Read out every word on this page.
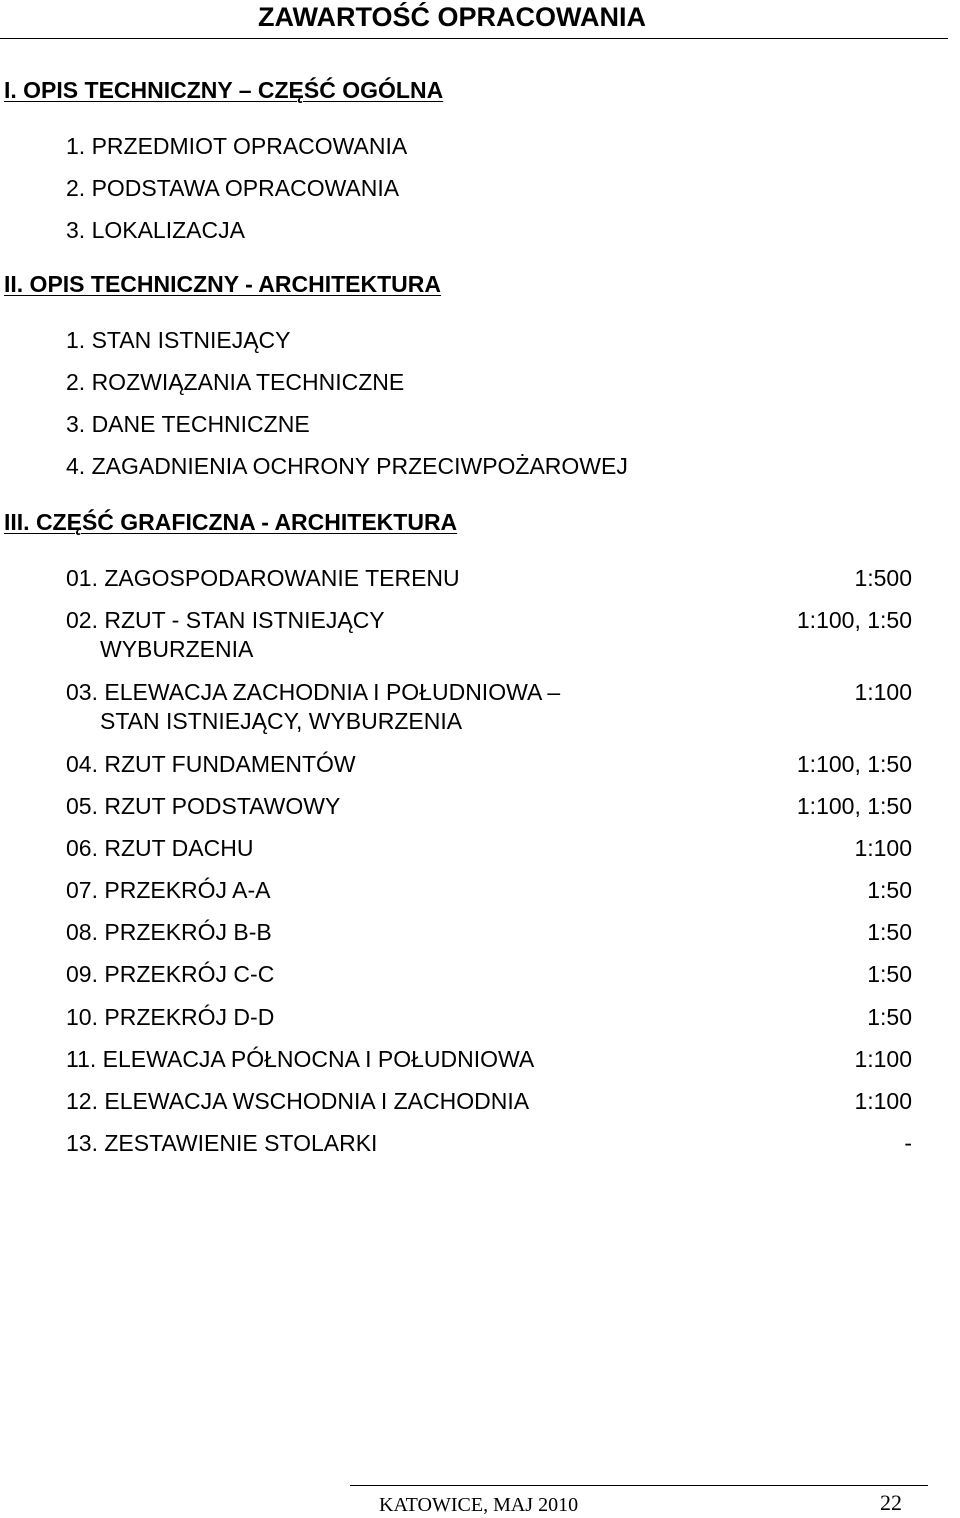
ZAWARTOŚĆ OPRACOWANIA
I. OPIS TECHNICZNY – CZĘŚĆ OGÓLNA
1. PRZEDMIOT OPRACOWANIA
2. PODSTAWA OPRACOWANIA
3. LOKALIZACJA
II. OPIS TECHNICZNY - ARCHITEKTURA
1. STAN ISTNIEJĄCY
2. ROZWIĄZANIA TECHNICZNE
3. DANE TECHNICZNE
4. ZAGADNIENIA OCHRONY PRZECIWPOŻAROWEJ
III. CZĘŚĆ GRAFICZNA - ARCHITEKTURA
01. ZAGOSPODAROWANIE TERENU	1:500
02. RZUT - STAN ISTNIEJĄCY
WYBURZENIA
1:100, 1:50
03. ELEWACJA ZACHODNIA I POŁUDNIOWA –
STAN ISTNIEJĄCY, WYBURZENIA
1:100
04. RZUT FUNDAMENTÓW	1:100, 1:50
05. RZUT PODSTAWOWY	1:100, 1:50
06. RZUT DACHU	1:100
07. PRZEKRÓJ A-A	1:50
08. PRZEKRÓJ B-B	1:50
09. PRZEKRÓJ C-C	1:50
10. PRZEKRÓJ D-D	1:50
11. ELEWACJA PÓŁNOCNA I POŁUDNIOWA	1:100
12. ELEWACJA WSCHODNIA I ZACHODNIA	1:100
13. ZESTAWIENIE STOLARKI	-
KATOWICE, MAJ 2010	22
